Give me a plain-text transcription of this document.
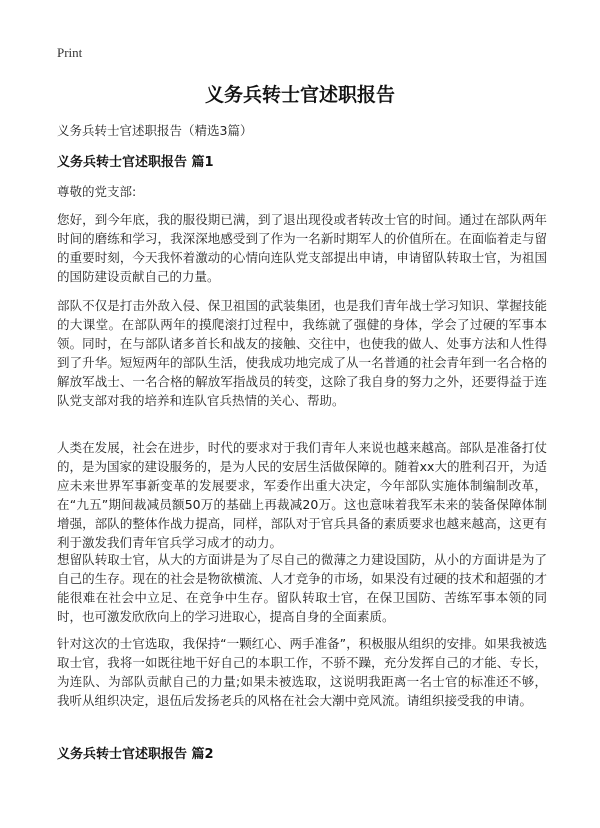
Print
义务兵转士官述职报告
义务兵转士官述职报告（精选3篇）
义务兵转士官述职报告 篇1
尊敬的党支部:

您好，到今年底，我的服役期已满，到了退出现役或者转改士官的时间。通过在部队两年时间的磨练和学习，我深深地感受到了作为一名新时期军人的价值所在。在面临着走与留的重要时刻，今天我怀着激动的心情向连队党支部提出申请，申请留队转取士官，为祖国的国防建设贡献自己的力量。

部队不仅是打击外敌入侵、保卫祖国的武装集团，也是我们青年战士学习知识、掌握技能的大课堂。在部队两年的摸爬滚打过程中，我练就了强健的身体，学会了过硬的军事本领。同时，在与部队诸多首长和战友的接触、交往中，也使我的做人、处事方法和人性得到了升华。短短两年的部队生活，使我成功地完成了从一名普通的社会青年到一名合格的解放军战士、一名合格的解放军指战员的转变，这除了我自身的努力之外，还要得益于连队党支部对我的培养和连队官兵热情的关心、帮助。

人类在发展，社会在进步，时代的要求对于我们青年人来说也越来越高。部队是准备打仗的，是为国家的建设服务的，是为人民的安居生活做保障的。随着xx大的胜利召开，为适应未来世界军事新变革的发展要求，军委作出重大决定，今年部队实施体制编制改革，在“九五”期间裁减员额50万的基础上再裁减20万。这也意味着我军未来的装备保障体制增强，部队的整体作战力提高，同样，部队对于官兵具备的素质要求也越来越高，这更有利于激发我们青年官兵学习成才的动力。

想留队转取士官，从大的方面讲是为了尽自己的微薄之力建设国防，从小的方面讲是为了自己的生存。现在的社会是物欲横流、人才竞争的市场，如果没有过硬的技术和超强的才能很难在社会中立足、在竞争中生存。留队转取士官，在保卫国防、苦练军事本领的同时，也可激发欣欣向上的学习进取心，提高自身的全面素质。

针对这次的士官选取，我保持“一颗红心、两手准备”，积极服从组织的安排。如果我被选取士官，我将一如既往地干好自己的本职工作，不骄不躁，充分发挥自己的才能、专长，为连队、为部队贡献自己的力量;如果未被选取，这说明我距离一名士官的标准还不够，我听从组织决定，退伍后发扬老兵的风格在社会大潮中竞风流。请组织接受我的申请。

义务兵转士官述职报告 篇2
